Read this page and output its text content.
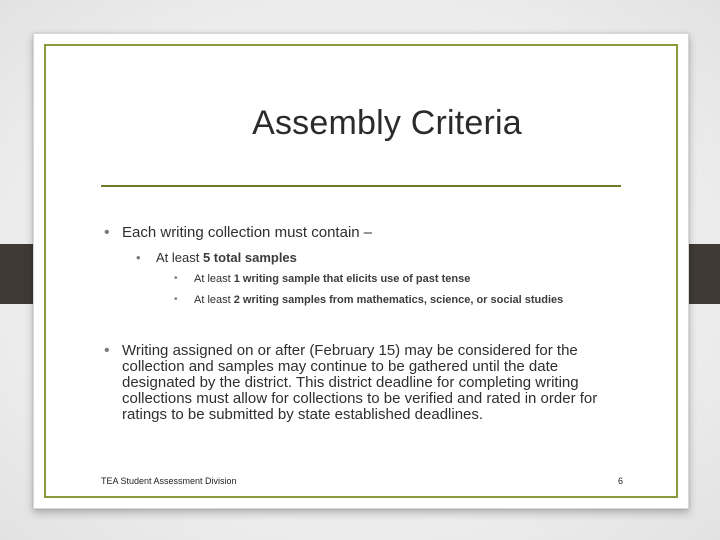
Assembly Criteria
• Each writing collection must contain –
• At least 5 total samples
• At least 1 writing sample that elicits use of past tense
• At least 2 writing samples from mathematics, science, or social studies
• Writing assigned on or after (February 15) may be considered for the collection and samples may continue to be gathered until the date designated by the district. This district deadline for completing writing collections must allow for collections to be verified and rated in order for ratings to be submitted by state established deadlines.
TEA Student Assessment Division	6
